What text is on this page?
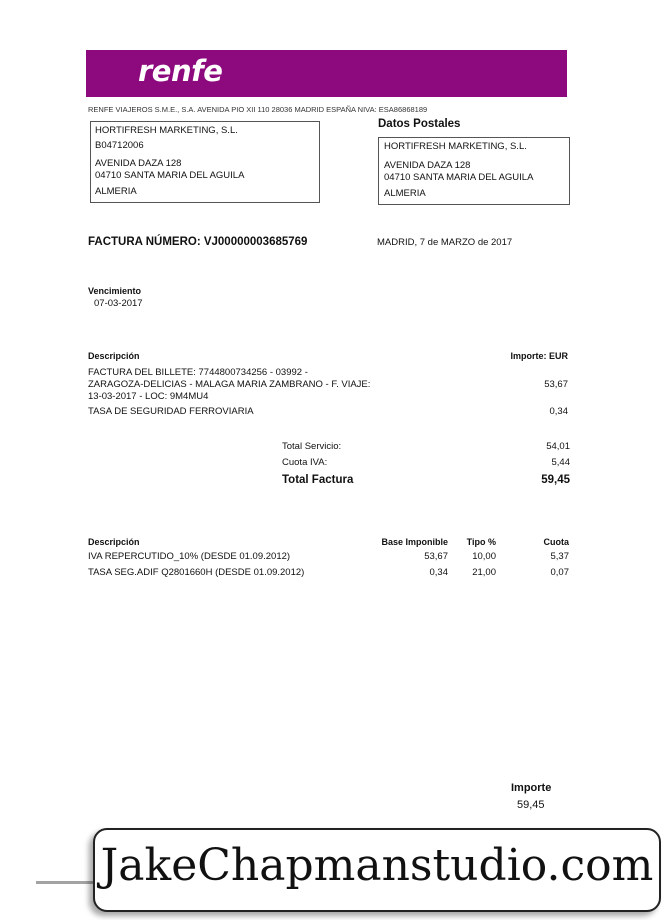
renfe
RENFE VIAJEROS S.M.E., S.A. AVENIDA PIO XII 110 28036 MADRID ESPAÑA NIVA: ESA86868189
HORTIFRESH MARKETING, S.L.
B04712006
AVENIDA DAZA 128
04710 SANTA MARIA DEL AGUILA
ALMERIA
Datos Postales
HORTIFRESH MARKETING, S.L.
AVENIDA DAZA 128
04710 SANTA MARIA DEL AGUILA
ALMERIA
FACTURA NÚMERO: VJ00000003685769	MADRID, 7 de MARZO de 2017
Vencimiento
07-03-2017
Descripción	Importe: EUR
FACTURA DEL BILLETE: 7744800734256 - 03992 -
ZARAGOZA-DELICIAS - MALAGA MARIA ZAMBRANO - F. VIAJE:
13-03-2017 - LOC: 9M4MU4
53,67
TASA DE SEGURIDAD FERROVIARIA	0,34
Total Servicio:	54,01
Cuota IVA:	5,44
Total Factura	59,45
Descripción	Base Imponible	Tipo %	Cuota
IVA REPERCUTIDO_10% (DESDE 01.09.2012)	53,67	10,00	5,37
TASA SEG.ADIF Q2801660H (DESDE 01.09.2012)	0,34	21,00	0,07
Importe
59,45
JakeChapmanstudio.com
